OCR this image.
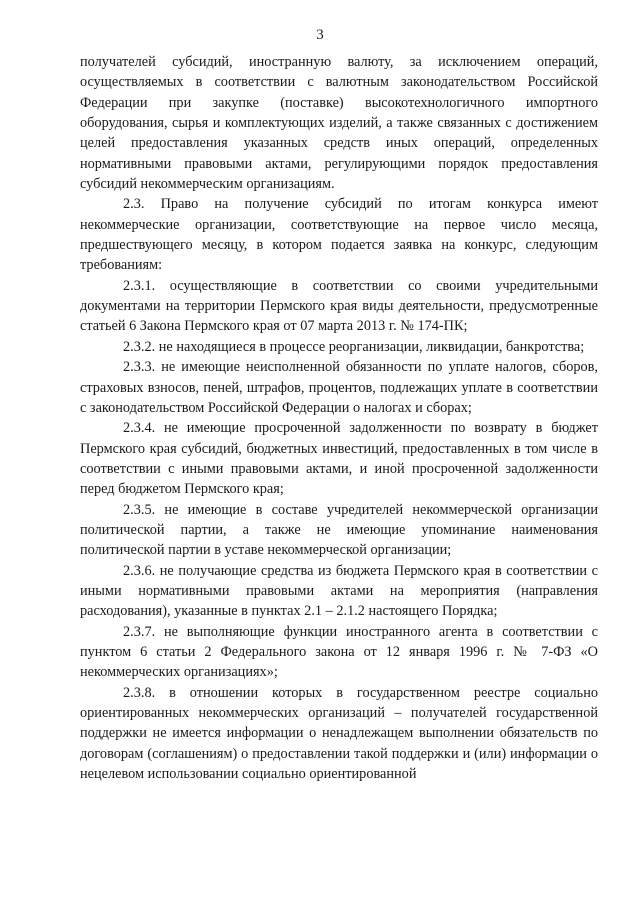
3

получателей субсидий, иностранную валюту, за исключением операций, осуществляемых в соответствии с валютным законодательством Российской Федерации при закупке (поставке) высокотехнологичного импортного оборудования, сырья и комплектующих изделий, а также связанных с достижением целей предоставления указанных средств иных операций, определенных нормативными правовыми актами, регулирующими порядок предоставления субсидий некоммерческим организациям.

2.3. Право на получение субсидий по итогам конкурса имеют некоммерческие организации, соответствующие на первое число месяца, предшествующего месяцу, в котором подается заявка на конкурс, следующим требованиям:

2.3.1. осуществляющие в соответствии со своими учредительными документами на территории Пермского края виды деятельности, предусмотренные статьей 6 Закона Пермского края от 07 марта 2013 г. № 174-ПК;

2.3.2. не находящиеся в процессе реорганизации, ликвидации, банкротства;

2.3.3. не имеющие неисполненной обязанности по уплате налогов, сборов, страховых взносов, пеней, штрафов, процентов, подлежащих уплате в соответствии с законодательством Российской Федерации о налогах и сборах;

2.3.4. не имеющие просроченной задолженности по возврату в бюджет Пермского края субсидий, бюджетных инвестиций, предоставленных в том числе в соответствии с иными правовыми актами, и иной просроченной задолженности перед бюджетом Пермского края;

2.3.5. не имеющие в составе учредителей некоммерческой организации политической партии, а также не имеющие упоминание наименования политической партии в уставе некоммерческой организации;

2.3.6. не получающие средства из бюджета Пермского края в соответствии с иными нормативными правовыми актами на мероприятия (направления расходования), указанные в пунктах 2.1 – 2.1.2 настоящего Порядка;

2.3.7. не выполняющие функции иностранного агента в соответствии с пунктом 6 статьи 2 Федерального закона от 12 января 1996 г. № 7-ФЗ «О некоммерческих организациях»;

2.3.8. в отношении которых в государственном реестре социально ориентированных некоммерческих организаций – получателей государственной поддержки не имеется информации о ненадлежащем выполнении обязательств по договорам (соглашениям) о предоставлении такой поддержки и (или) информации о нецелевом использовании социально ориентированной
